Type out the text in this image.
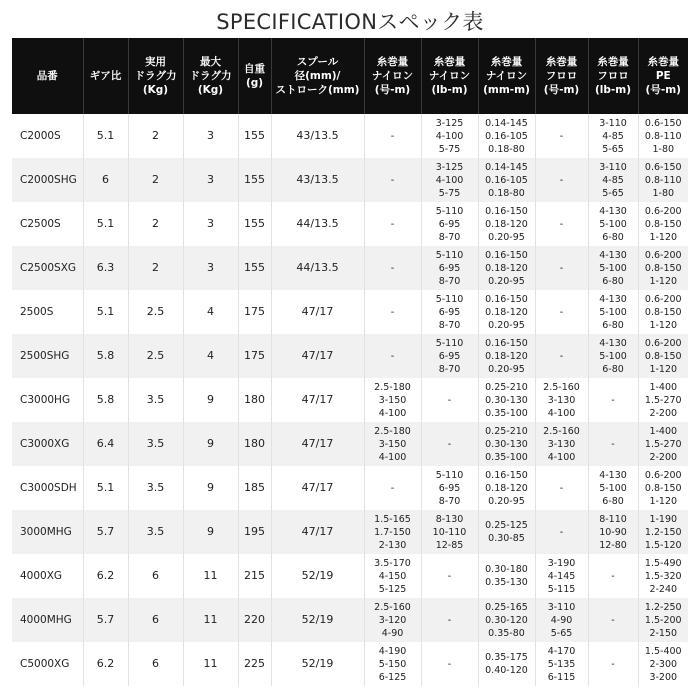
SPECIFICATIONスペック表
品番	ギア比	実用
ドラグ力
(Kg)	最大
ドラグ力
(Kg)	自重
(g)	スプール
径(mm)/
ストローク(mm)	糸巻量
ナイロン
(号-m)	糸巻量
ナイロン
(lb-m)	糸巻量
ナイロン
(mm-m)	糸巻量
フロロ
(号-m)	糸巻量
フロロ
(lb-m)	糸巻量
PE
(号-m)
C2000S	5.1	2	3	155	43/13.5	-	3-125
4-100
5-75	0.14-145
0.16-105
0.18-80	-	3-110
4-85
5-65	0.6-150
0.8-110
1-80
C2000SHG	6	2	3	155	43/13.5	-	3-125
4-100
5-75	0.14-145
0.16-105
0.18-80	-	3-110
4-85
5-65	0.6-150
0.8-110
1-80
C2500S	5.1	2	3	155	44/13.5	-	5-110
6-95
8-70	0.16-150
0.18-120
0.20-95	-	4-130
5-100
6-80	0.6-200
0.8-150
1-120
C2500SXG	6.3	2	3	155	44/13.5	-	5-110
6-95
8-70	0.16-150
0.18-120
0.20-95	-	4-130
5-100
6-80	0.6-200
0.8-150
1-120
2500S	5.1	2.5	4	175	47/17	-	5-110
6-95
8-70	0.16-150
0.18-120
0.20-95	-	4-130
5-100
6-80	0.6-200
0.8-150
1-120
2500SHG	5.8	2.5	4	175	47/17	-	5-110
6-95
8-70	0.16-150
0.18-120
0.20-95	-	4-130
5-100
6-80	0.6-200
0.8-150
1-120
C3000HG	5.8	3.5	9	180	47/17	2.5-180
3-150
4-100	-	0.25-210
0.30-130
0.35-100	2.5-160
3-130
4-100	-	1-400
1.5-270
2-200
C3000XG	6.4	3.5	9	180	47/17	2.5-180
3-150
4-100	-	0.25-210
0.30-130
0.35-100	2.5-160
3-130
4-100	-	1-400
1.5-270
2-200
C3000SDH	5.1	3.5	9	185	47/17	-	5-110
6-95
8-70	0.16-150
0.18-120
0.20-95	-	4-130
5-100
6-80	0.6-200
0.8-150
1-120
3000MHG	5.7	3.5	9	195	47/17	1.5-165
1.7-150
2-130	8-130
10-110
12-85	0.25-125
0.30-85	-	8-110
10-90
12-80	1-190
1.2-150
1.5-120
4000XG	6.2	6	11	215	52/19	3.5-170
4-150
5-125	-	0.30-180
0.35-130	3-190
4-145
5-115	-	1.5-490
1.5-320
2-240
4000MHG	5.7	6	11	220	52/19	2.5-160
3-120
4-90	-	0.25-165
0.30-120
0.35-80	3-110
4-90
5-65	-	1.2-250
1.5-200
2-150
C5000XG	6.2	6	11	225	52/19	4-190
5-150
6-125	-	0.35-175
0.40-120	4-170
5-135
6-115	-	1.5-400
2-300
3-200
